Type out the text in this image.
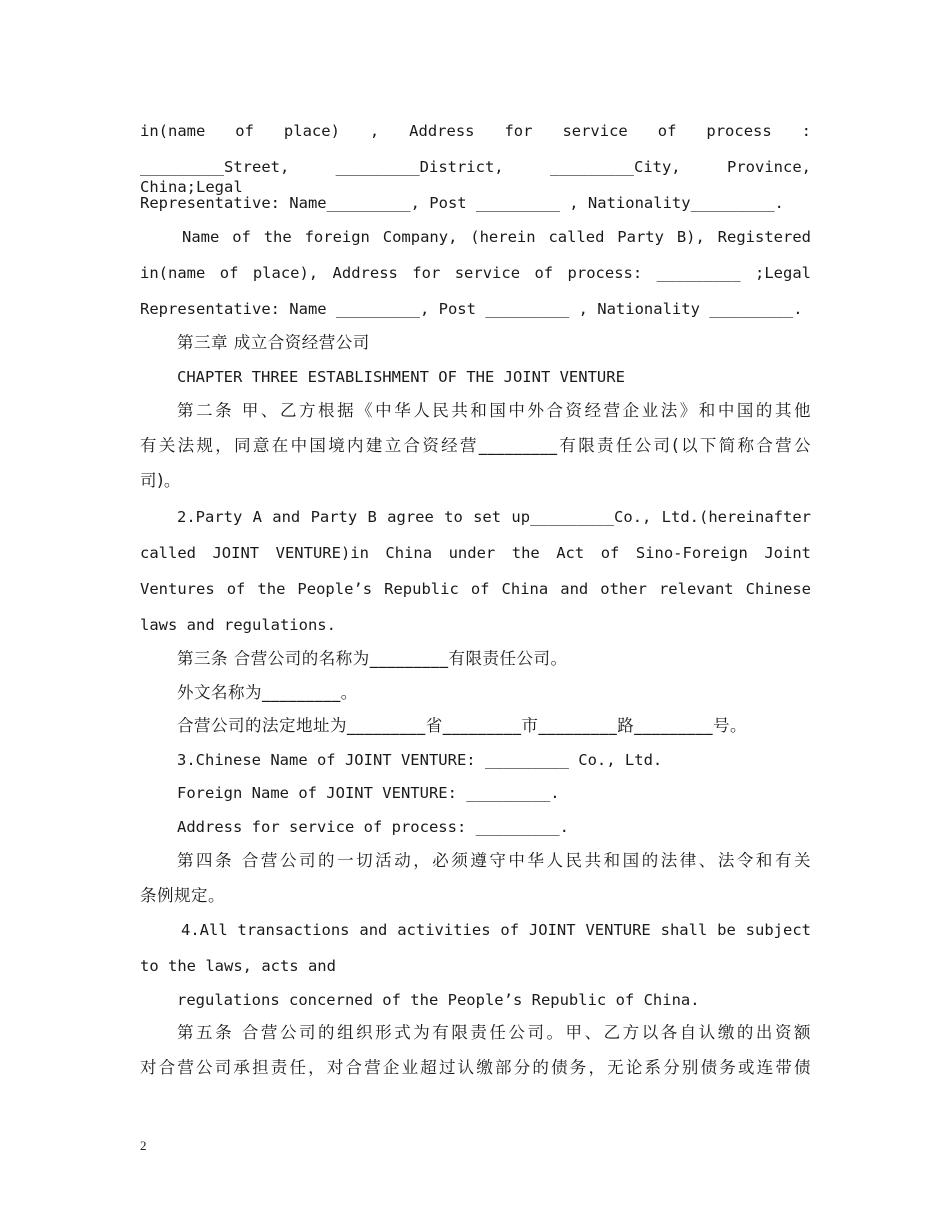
in(name of place) , Address for service of process :
_________Street, _________District, _________City, Province, China;Legal
Representative: Name_________, Post _________ , Nationality_________.
Name of the foreign Company, (herein called Party B), Registered
in(name of place), Address for service of process: _________ ;Legal
Representative: Name _________, Post _________ , Nationality _________.
第三章 成立合资经营公司
CHAPTER THREE ESTABLISHMENT OF THE JOINT VENTURE
第二条 甲、乙方根据《中华人民共和国中外合资经营企业法》和中国的其他
有关法规，同意在中国境内建立合资经营_________有限责任公司(以下简称合营公
司)。
2.Party A and Party B agree to set up_________Co., Ltd.(hereinafter
called JOINT VENTURE)in China under the Act of Sino-Foreign Joint
Ventures of the People’s Republic of China and other relevant Chinese
laws and regulations.
第三条 合营公司的名称为_________有限责任公司。
外文名称为_________。
合营公司的法定地址为_________省_________市_________路_________号。
3.Chinese Name of JOINT VENTURE: _________ Co., Ltd.
Foreign Name of JOINT VENTURE: _________.
Address for service of process: _________.
第四条 合营公司的一切活动，必须遵守中华人民共和国的法律、法令和有关
条例规定。
4.All transactions and activities of JOINT VENTURE shall be subject
to the laws, acts and
regulations concerned of the People’s Republic of China.
第五条 合营公司的组织形式为有限责任公司。甲、乙方以各自认缴的出资额
对合营公司承担责任，对合营企业超过认缴部分的债务，无论系分别债务或连带债
2
